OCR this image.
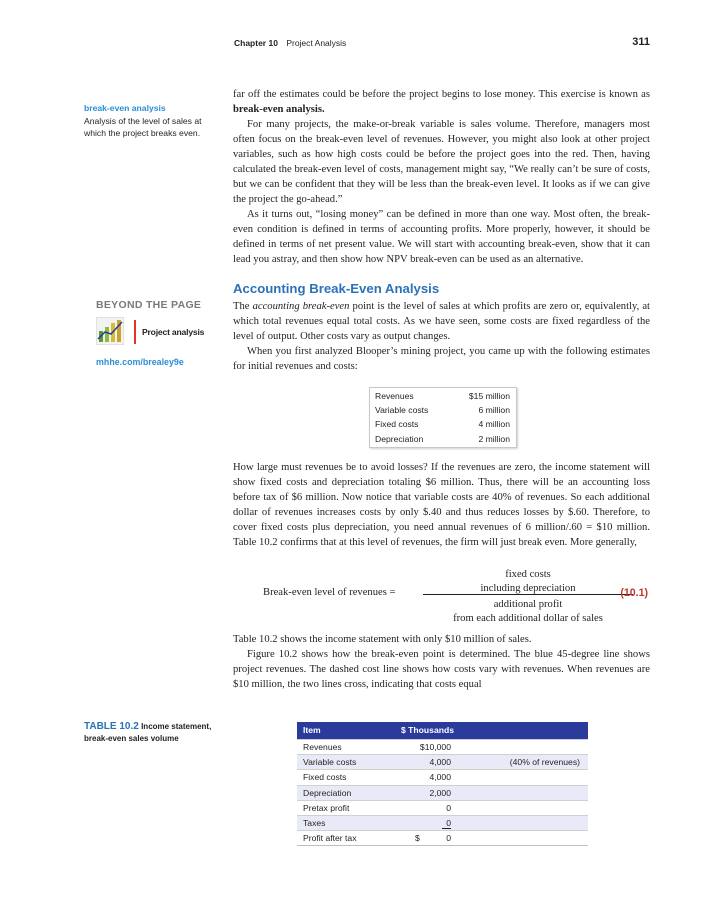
Chapter 10 Project Analysis	311
break-even analysis
Analysis of the level of sales at which the project breaks even.

far off the estimates could be before the project begins to lose money. This exercise is known as break-even analysis.

For many projects, the make-or-break variable is sales volume. Therefore, managers most often focus on the break-even level of revenues. However, you might also look at other project variables, such as how high costs could be before the project goes into the red. Then, having calculated the break-even level of costs, management might say, “We really can’t be sure of costs, but we can be confident that they will be less than the break-even level. It looks as if we can give the project the go-ahead.”

As it turns out, “losing money” can be defined in more than one way. Most often, the break-even condition is defined in terms of accounting profits. More properly, however, it should be defined in terms of net present value. We will start with accounting break-even, show that it can lead you astray, and then show how NPV break-even can be used as an alternative.

Accounting Break-Even Analysis
BEYOND THE PAGE
Project analysis
mhhe.com/brealey9e

The accounting break-even point is the level of sales at which profits are zero or, equivalently, at which total revenues equal total costs. As we have seen, some costs are fixed regardless of the level of output. Other costs vary as output changes.

When you first analyzed Blooper’s mining project, you came up with the following estimates for initial revenues and costs:

Revenues	$15 million
Variable costs	6 million
Fixed costs	4 million
Depreciation	2 million

How large must revenues be to avoid losses? If the revenues are zero, the income statement will show fixed costs and depreciation totaling $6 million. Thus, there will be an accounting loss before tax of $6 million. Now notice that variable costs are 40% of revenues. So each additional dollar of revenues increases costs by only $.40 and thus reduces losses by $.60. Therefore, to cover fixed costs plus depreciation, you need annual revenues of 6 million/.60 = $10 million. Table 10.2 confirms that at this level of revenues, the firm will just break even. More generally,

Break-even level of revenues =
fixed costs
including depreciation
additional profit
from each additional dollar of sales
(10.1)

Table 10.2 shows the income statement with only $10 million of sales.

Figure 10.2 shows how the break-even point is determined. The blue 45-degree line shows project revenues. The dashed cost line shows how costs vary with revenues. When revenues are $10 million, the two lines cross, indicating that costs equal

TABLE 10.2 Income statement, break-even sales volume
Item	$ Thousands
Revenues	$10,000
Variable costs	4,000	(40% of revenues)
Fixed costs	4,000
Depreciation	2,000
Pretax profit	0
Taxes	0
Profit after tax	$	0
